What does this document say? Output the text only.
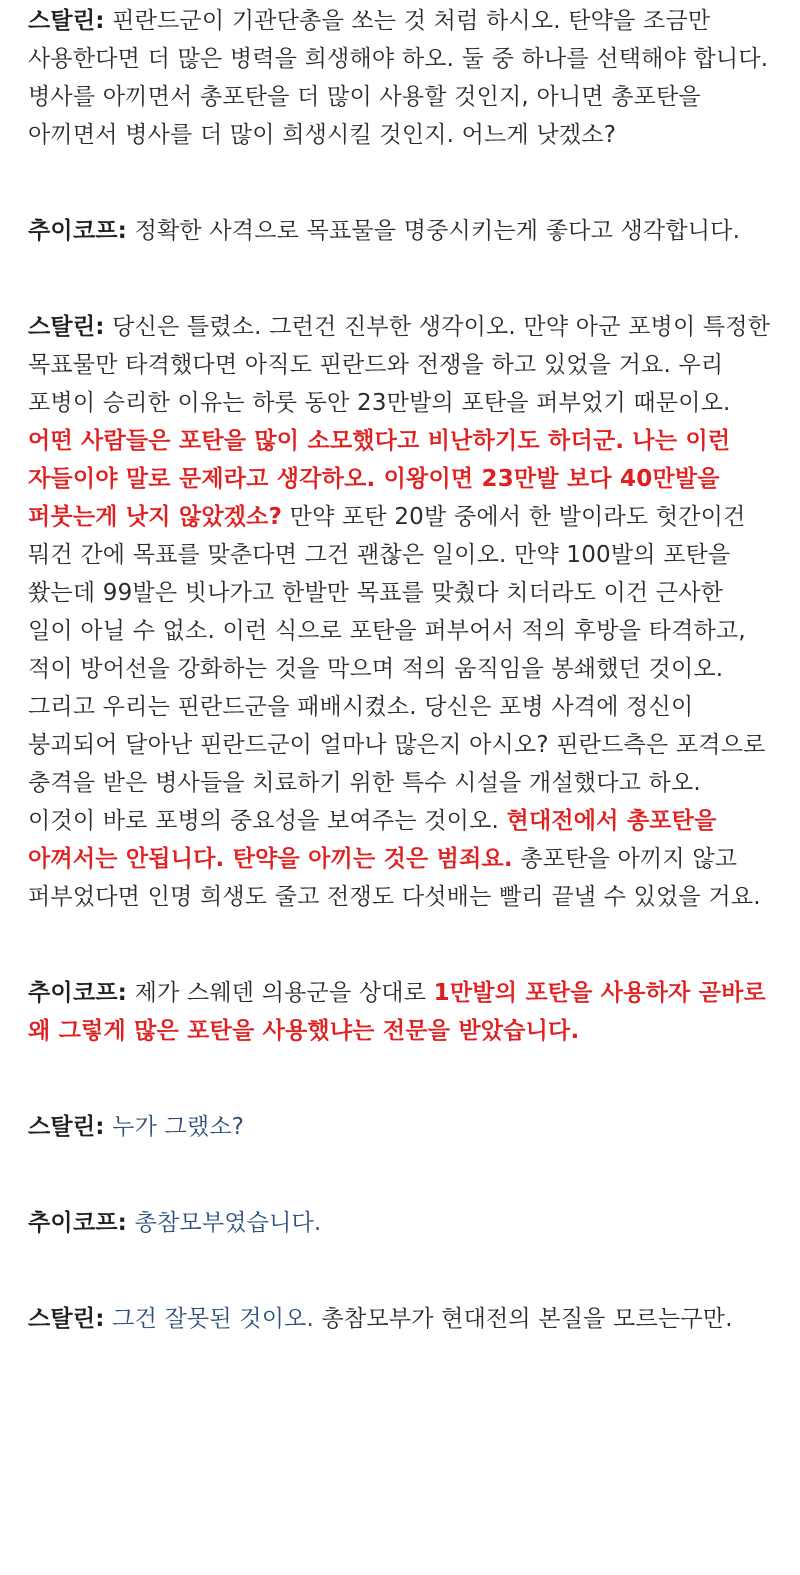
스탈린: 핀란드군이 기관단총을 쏘는 것 처럼 하시오. 탄약을 조금만 사용한다면 더 많은 병력을 희생해야 하오. 둘 중 하나를 선택해야 합니다. 병사를 아끼면서 총포탄을 더 많이 사용할 것인지, 아니면 총포탄을 아끼면서 병사를 더 많이 희생시킬 것인지. 어느게 낫겠소?

추이코프: 정확한 사격으로 목표물을 명중시키는게 좋다고 생각합니다.

스탈린: 당신은 틀렸소. 그런건 진부한 생각이오. 만약 아군 포병이 특정한 목표물만 타격했다면 아직도 핀란드와 전쟁을 하고 있었을 거요. 우리 포병이 승리한 이유는 하룻 동안 23만발의 포탄을 퍼부었기 때문이오. 어떤 사람들은 포탄을 많이 소모했다고 비난하기도 하더군. 나는 이런 자들이야 말로 문제라고 생각하오. 이왕이면 23만발 보다 40만발을 퍼붓는게 낫지 않았겠소? 만약 포탄 20발 중에서 한 발이라도 헛간이건 뭐건 간에 목표를 맞춘다면 그건 괜찮은 일이오. 만약 100발의 포탄을 쐈는데 99발은 빗나가고 한발만 목표를 맞췄다 치더라도 이건 근사한 일이 아닐 수 없소. 이런 식으로 포탄을 퍼부어서 적의 후방을 타격하고, 적이 방어선을 강화하는 것을 막으며 적의 움직임을 봉쇄했던 것이오. 그리고 우리는 핀란드군을 패배시켰소. 당신은 포병 사격에 정신이 붕괴되어 달아난 핀란드군이 얼마나 많은지 아시오? 핀란드측은 포격으로 충격을 받은 병사들을 치료하기 위한 특수 시설을 개설했다고 하오. 이것이 바로 포병의 중요성을 보여주는 것이오. 현대전에서 총포탄을 아껴서는 안됩니다. 탄약을 아끼는 것은 범죄요. 총포탄을 아끼지 않고 퍼부었다면 인명 희생도 줄고 전쟁도 다섯배는 빨리 끝낼 수 있었을 거요.

추이코프: 제가 스웨덴 의용군을 상대로 1만발의 포탄을 사용하자 곧바로 왜 그렇게 많은 포탄을 사용했냐는 전문을 받았습니다.

스탈린: 누가 그랬소?

추이코프: 총참모부였습니다.

스탈린: 그건 잘못된 것이오. 총참모부가 현대전의 본질을 모르는구만.
